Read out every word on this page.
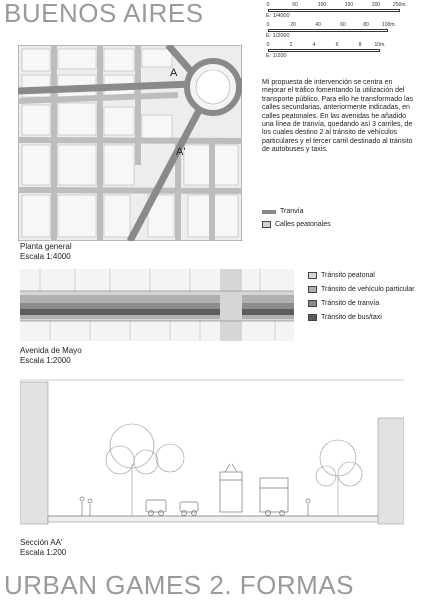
BUENOS AIRES	0	50	100	150	200	250m.
E: 1/4000
0	20	40	60	80	100m.
E: 1/2000
0	2	4	6	8	10m.
E: 1/200
A
A'
Mi propuesta de intervención se centra en mejorar el tráfico fomentando la utilización del transporte público. Para ello he transformado las calles secundarias, anteriormente indicadas, en calles peatonales. En las avenidas he añadido una línea de tranvía, quedando así 3 carriles, de los cuales destino 2 al tránsito de vehículos particulares y el tercer carril destinado al tránsito de autobuses y taxis.
Tranvía
Calles peatonales
Planta general
Escala 1:4000
Tránsito peatonal
Tránsito de vehículo particular
Tránsito de tranvía
Tránsito de bus/taxi
Avenida de Mayo
Escala 1:2000
Sección AA'
Escala 1:200
URBAN GAMES 2. FORMAS
